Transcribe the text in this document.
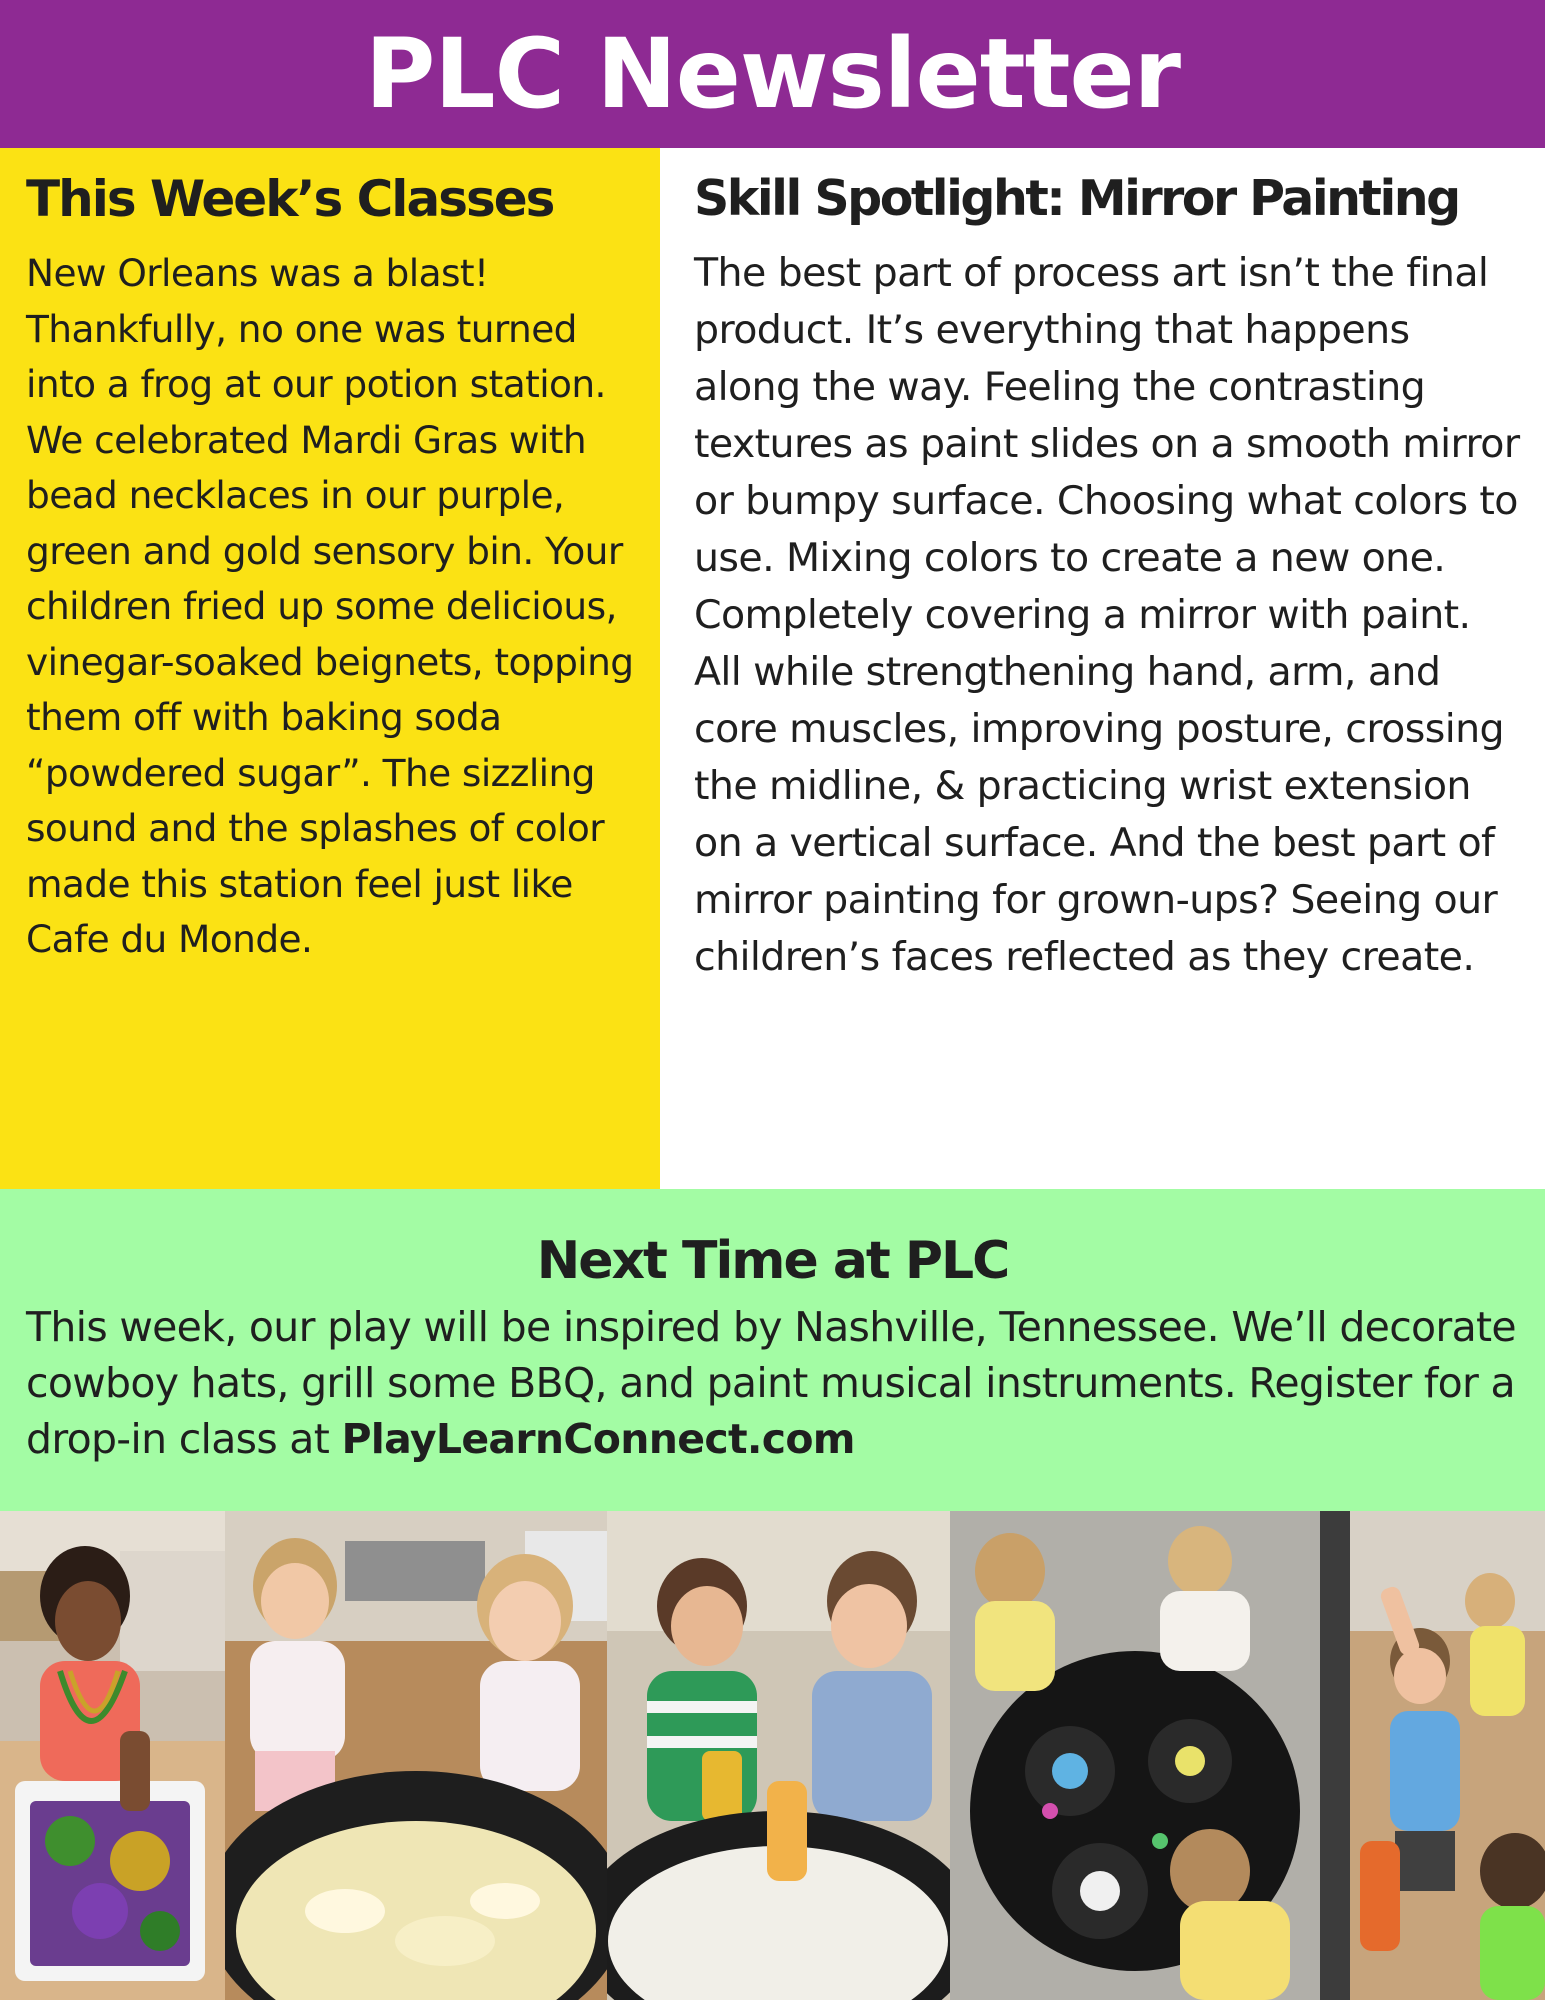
PLC Newsletter
This Week’s Classes

New Orleans was a blast! Thankfully, no one was turned into a frog at our potion station. We celebrated Mardi Gras with bead necklaces in our purple, green and gold sensory bin. Your children fried up some delicious, vinegar-soaked beignets, topping them off with baking soda “powdered sugar”. The sizzling sound and the splashes of color made this station feel just like Cafe du Monde.

Skill Spotlight: Mirror Painting

The best part of process art isn’t the final product. It’s everything that happens along the way. Feeling the contrasting textures as paint slides on a smooth mirror or bumpy surface. Choosing what colors to use. Mixing colors to create a new one. Completely covering a mirror with paint. All while strengthening hand, arm, and core muscles, improving posture, crossing the midline, & practicing wrist extension on a vertical surface. And the best part of mirror painting for grown-ups? Seeing our children’s faces reflected as they create.

Next Time at PLC

This week, our play will be inspired by Nashville, Tennessee. We’ll decorate cowboy hats, grill some BBQ, and paint musical instruments. Register for a drop-in class at PlayLearnConnect.com
